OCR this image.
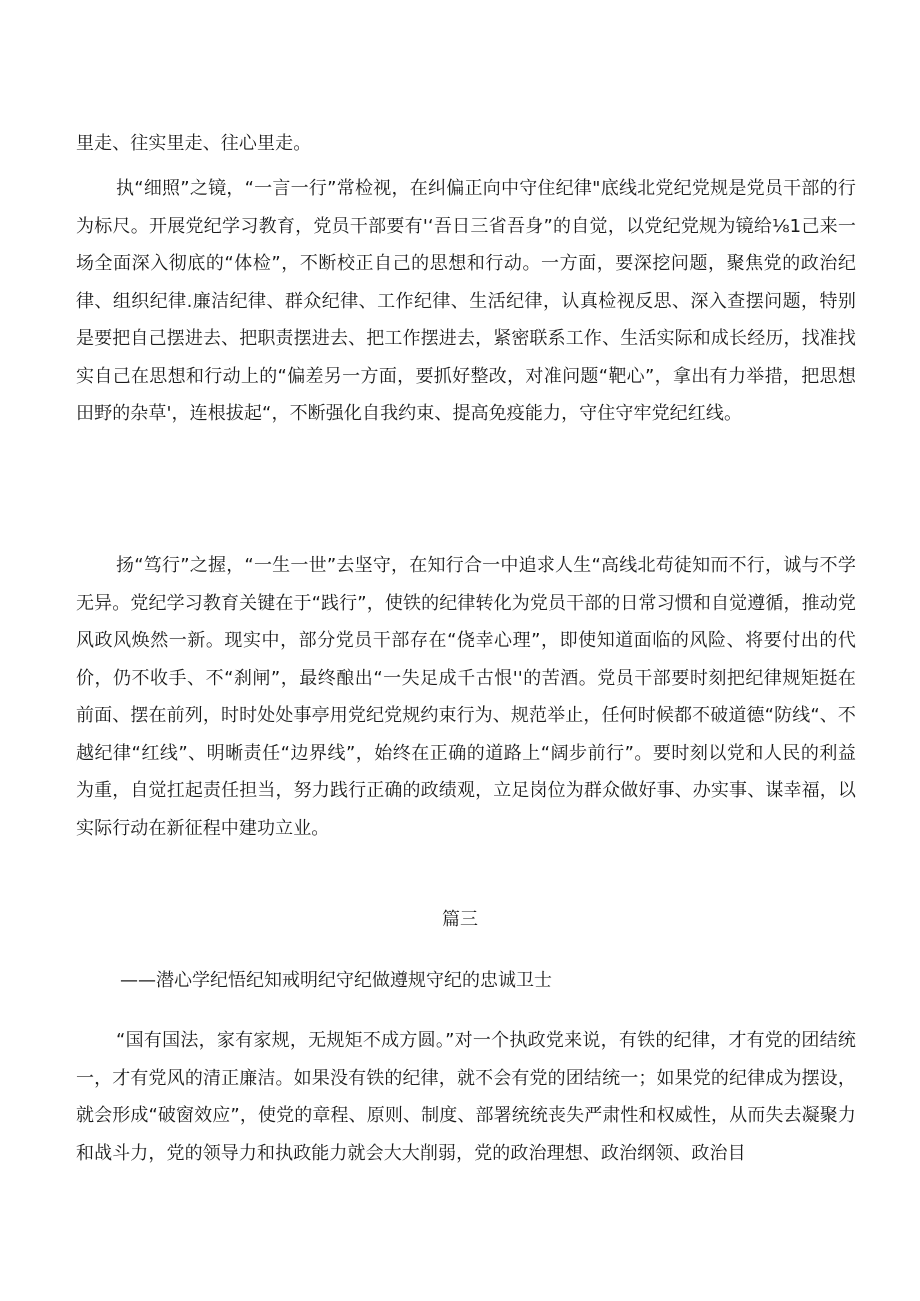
里走、往实里走、往心里走。

执“细照”之镜，“一言一行”常检视，在纠偏正向中守住纪律"底线北党纪党规是党员干部的行为标尺。开展党纪学习教育，党员干部要有'‘吾日三省吾身”的自觉，以党纪党规为镜给⅛1己来一场全面深入彻底的“体检”，不断校正自己的思想和行动。一方面，要深挖问题，聚焦党的政治纪律、组织纪律.廉洁纪律、群众纪律、工作纪律、生活纪律，认真检视反思、深入查摆问题，特别是要把自己摆进去、把职责摆进去、把工作摆进去，紧密联系工作、生活实际和成长经历，找准找实自己在思想和行动上的“偏差另一方面，要抓好整改，对准问题“靶心”，拿出有力举措，把思想田野的杂草'，连根拔起“，不断强化自我约束、提高免疫能力，守住守牢党纪红线。

扬“笃行”之握，“一生一世”去坚守，在知行合一中追求人生“高线北苟徒知而不行，诚与不学无异。党纪学习教育关键在于“践行”，使铁的纪律转化为党员干部的日常习惯和自觉遵循，推动党风政风焕然一新。现实中，部分党员干部存在“侥幸心理”，即使知道面临的风险、将要付出的代价，仍不收手、不“刹闸”，最终酿出“一失足成千古恨''的苦酒。党员干部要时刻把纪律规矩挺在前面、摆在前列，时时处处事亭用党纪党规约束行为、规范举止，任何时候都不破道德“防线“、不越纪律“红线”、明晰责任“边界线”，始终在正确的道路上“阔步前行”。要时刻以党和人民的利益为重，自觉扛起责任担当，努力践行正确的政绩观，立足岗位为群众做好事、办实事、谋幸福，以实际行动在新征程中建功立业。

篇三

——潜心学纪悟纪知戒明纪守纪做遵规守纪的忠诚卫士

“国有国法，家有家规，无规矩不成方圆。”对一个执政党来说，有铁的纪律，才有党的团结统一，才有党风的清正廉洁。如果没有铁的纪律，就不会有党的团结统一；如果党的纪律成为摆设，就会形成“破窗效应”，使党的章程、原则、制度、部署统统丧失严肃性和权威性，从而失去凝聚力和战斗力，党的领导力和执政能力就会大大削弱，党的政治理想、政治纲领、政治目
